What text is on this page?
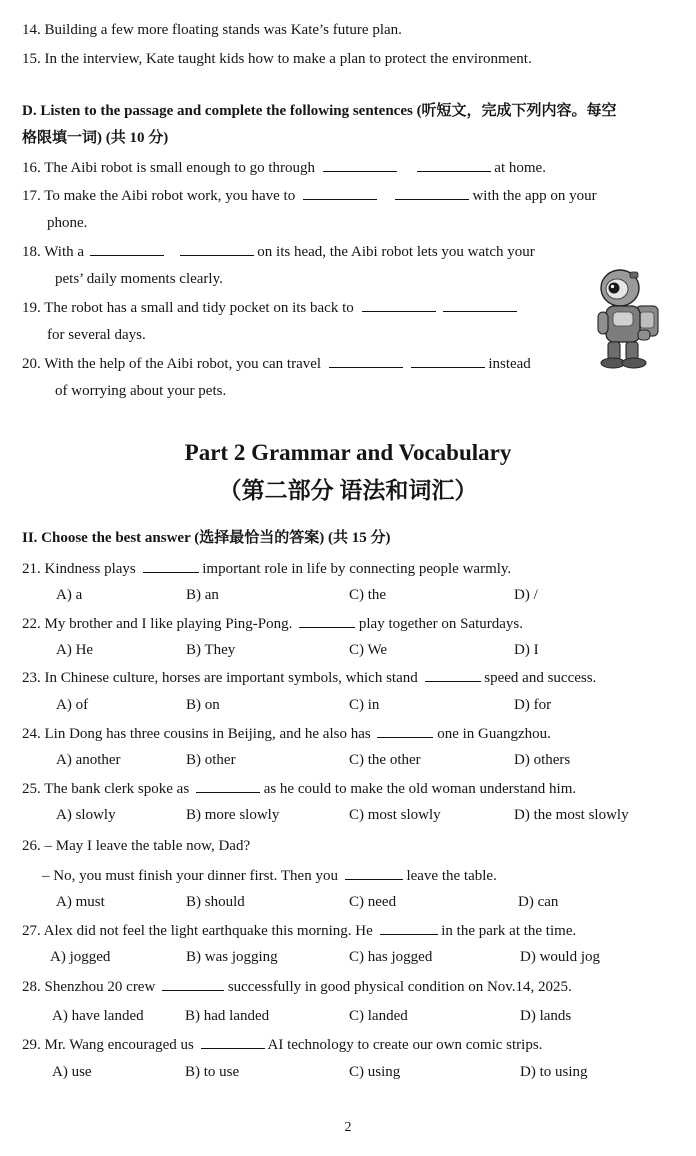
14. Building a few more floating stands was Kate’s future plan.
15. In the interview, Kate taught kids how to make a plan to protect the environment.
D. Listen to the passage and complete the following sentences (听短文，完成下列内容。每空
格限填一词) (共 10 分)
16. The Aibi robot is small enough to go through	at home.
17. To make the Aibi robot work, you have to	with the app on your
phone.
18. With a	on its head, the Aibi robot lets you watch your
pets’ daily moments clearly.
19. The robot has a small and tidy pocket on its back to
for several days.
20. With the help of the Aibi robot, you can travel	instead
of worrying about your pets.
Part 2 Grammar and Vocabulary
（第二部分 语法和词汇）
II. Choose the best answer (选择最恰当的答案) (共 15 分)
21. Kindness plays	important role in life by connecting people warmly.
A) a	B) an	C) the	D) /
22. My brother and I like playing Ping-Pong.	play together on Saturdays.
A) He	B) They	C) We	D) I
23. In Chinese culture, horses are important symbols, which stand	speed and success.
A) of	B) on	C) in	D) for
24. Lin Dong has three cousins in Beijing, and he also has	one in Guangzhou.
A) another	B) other	C) the other	D) others
25. The bank clerk spoke as	as he could to make the old woman understand him.
A) slowly	B) more slowly	C) most slowly	D) the most slowly
26. – May I leave the table now, Dad?
– No, you must finish your dinner first. Then you	leave the table.
A) must	B) should	C) need	D) can
27. Alex did not feel the light earthquake this morning. He	in the park at the time.
A) jogged	B) was jogging	C) has jogged	D) would jog
28. Shenzhou 20 crew	successfully in good physical condition on Nov.14, 2025.
A) have landed	B) had landed	C) landed	D) lands
29. Mr. Wang encouraged us	AI technology to create our own comic strips.
A) use	B) to use	C) using	D) to using
2
